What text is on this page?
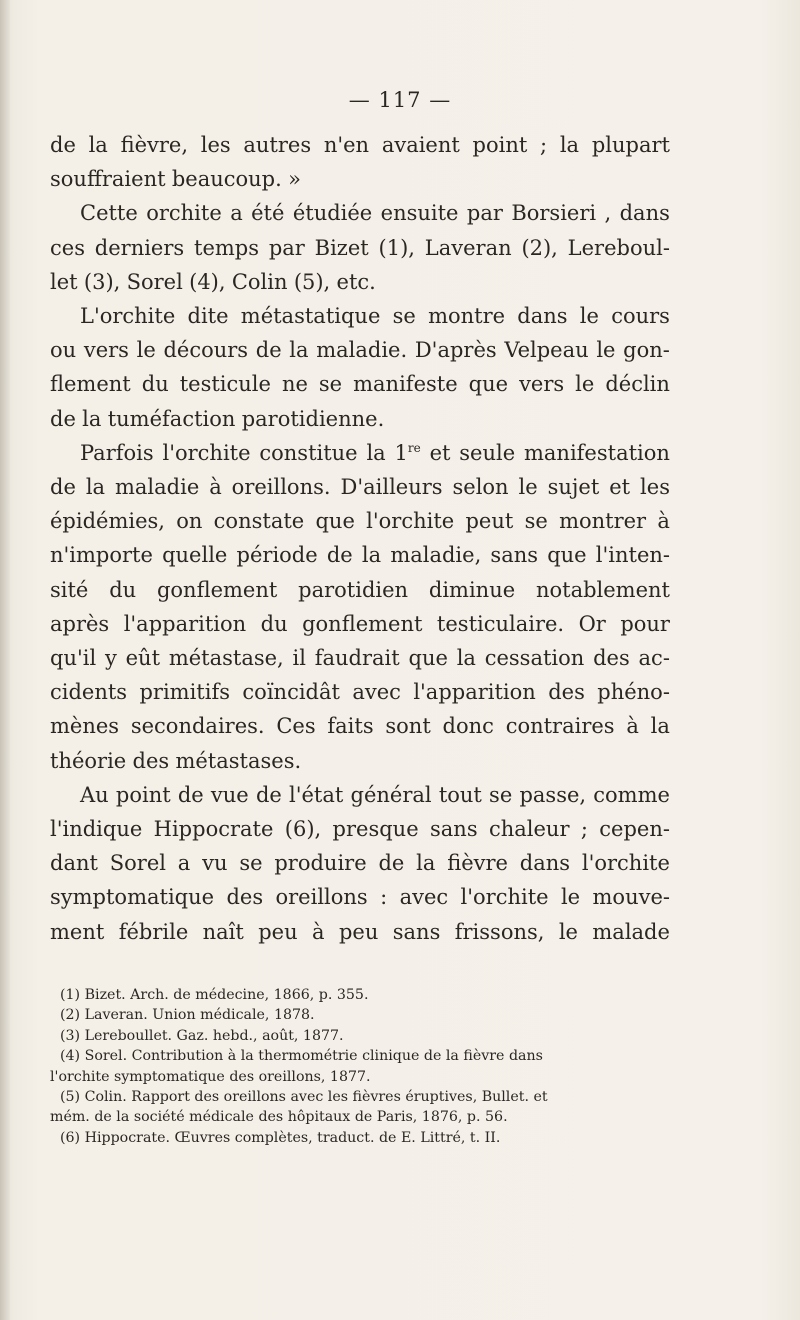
— 117 —
de la fièvre, les autres n'en avaient point ; la plupart
souffraient beaucoup. »
Cette orchite a été étudiée ensuite par Borsieri , dans
ces derniers temps par Bizet (1), Laveran (2), Lereboul-
let (3), Sorel (4), Colin (5), etc.
L'orchite dite métastatique se montre dans le cours
ou vers le décours de la maladie. D'après Velpeau le gon-
flement du testicule ne se manifeste que vers le déclin
de la tuméfaction parotidienne.
Parfois l'orchite constitue la 1re et seule manifestation
de la maladie à oreillons. D'ailleurs selon le sujet et les
épidémies, on constate que l'orchite peut se montrer à
n'importe quelle période de la maladie, sans que l'inten-
sité du gonflement parotidien diminue notablement
après l'apparition du gonflement testiculaire. Or pour
qu'il y eût métastase, il faudrait que la cessation des ac-
cidents primitifs coïncidât avec l'apparition des phéno-
mènes secondaires. Ces faits sont donc contraires à la
théorie des métastases.
Au point de vue de l'état général tout se passe, comme
l'indique Hippocrate (6), presque sans chaleur ; cepen-
dant Sorel a vu se produire de la fièvre dans l'orchite
symptomatique des oreillons : avec l'orchite le mouve-
ment fébrile naît peu à peu sans frissons, le malade
(1) Bizet. Arch. de médecine, 1866, p. 355.
(2) Laveran. Union médicale, 1878.
(3) Lereboullet. Gaz. hebd., août, 1877.
(4) Sorel. Contribution à la thermométrie clinique de la fièvre dans
l'orchite symptomatique des oreillons, 1877.
(5) Colin. Rapport des oreillons avec les fièvres éruptives, Bullet. et
mém. de la société médicale des hôpitaux de Paris, 1876, p. 56.
(6) Hippocrate. Œuvres complètes, traduct. de E. Littré, t. II.
